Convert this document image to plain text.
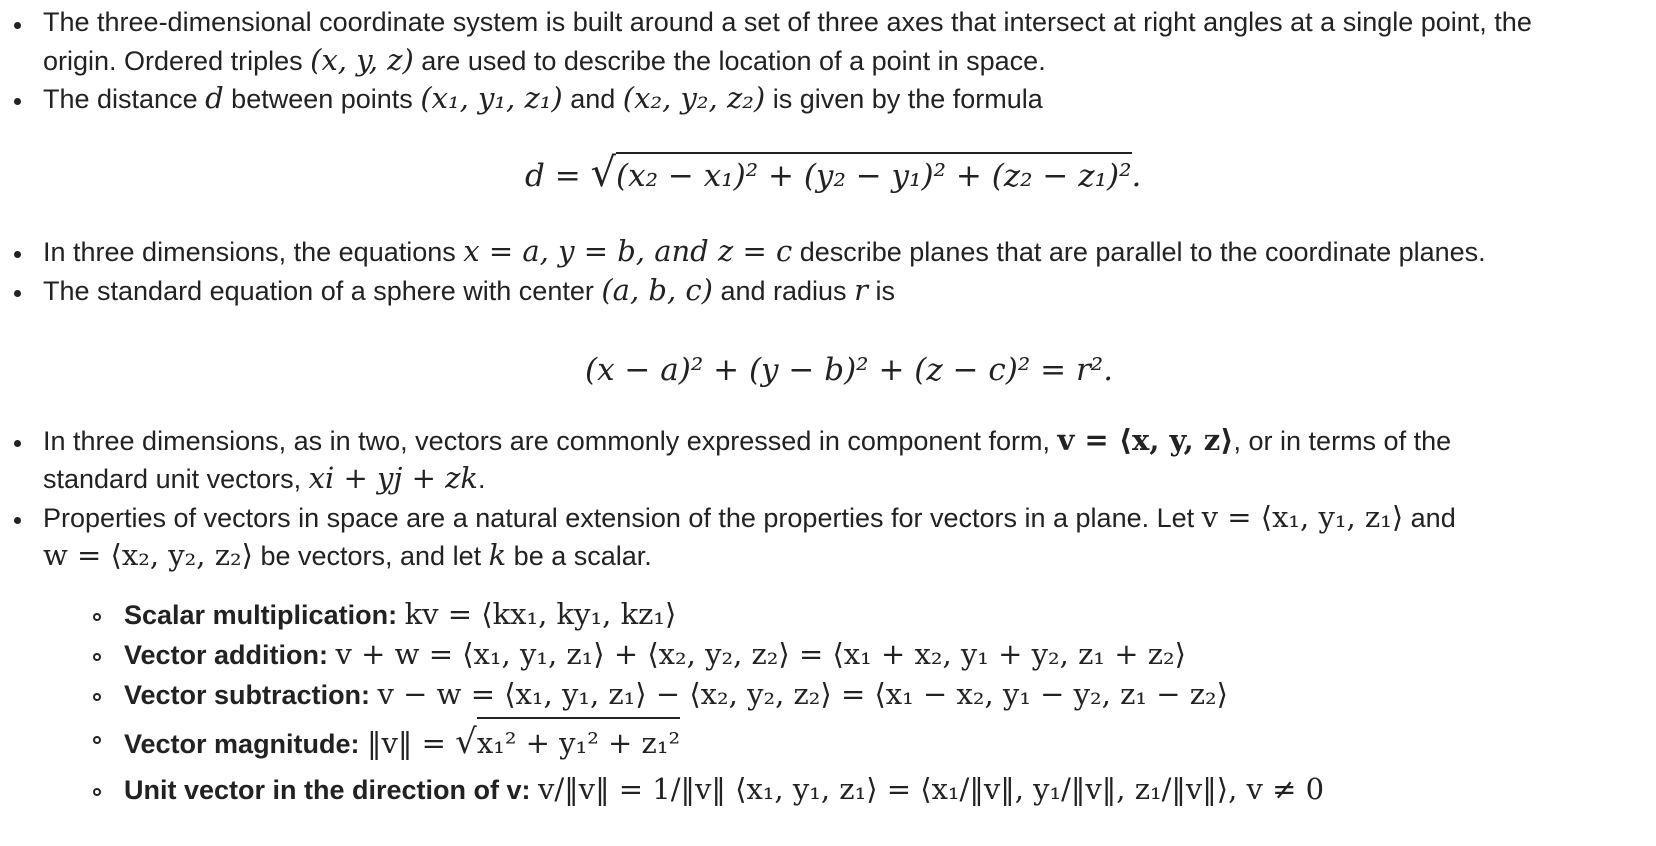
The three-dimensional coordinate system is built around a set of three axes that intersect at right angles at a single point, the
origin. Ordered triples (x, y, z) are used to describe the location of a point in space.
The distance d between points (x₁, y₁, z₁) and (x₂, y₂, z₂) is given by the formula
d = √(x₂ − x₁)² + (y₂ − y₁)² + (z₂ − z₁)².
In three dimensions, the equations x = a, y = b, and z = c describe planes that are parallel to the coordinate planes.
The standard equation of a sphere with center (a, b, c) and radius r is
(x − a)² + (y − b)² + (z − c)² = r².
In three dimensions, as in two, vectors are commonly expressed in component form, v = ⟨x, y, z⟩, or in terms of the
standard unit vectors, xi + yj + zk.
Properties of vectors in space are a natural extension of the properties for vectors in a plane. Let v = ⟨x₁, y₁, z₁⟩ and
w = ⟨x₂, y₂, z₂⟩ be vectors, and let k be a scalar.
Scalar multiplication: kv = ⟨kx₁, ky₁, kz₁⟩
Vector addition: v + w = ⟨x₁, y₁, z₁⟩ + ⟨x₂, y₂, z₂⟩ = ⟨x₁ + x₂, y₁ + y₂, z₁ + z₂⟩
Vector subtraction: v − w = ⟨x₁, y₁, z₁⟩ − ⟨x₂, y₂, z₂⟩ = ⟨x₁ − x₂, y₁ − y₂, z₁ − z₂⟩
Vector magnitude: ‖v‖ = √x₁² + y₁² + z₁²
Unit vector in the direction of v: v/‖v‖ = 1/‖v‖ ⟨x₁, y₁, z₁⟩ = ⟨x₁/‖v‖, y₁/‖v‖, z₁/‖v‖⟩, v ≠ 0
